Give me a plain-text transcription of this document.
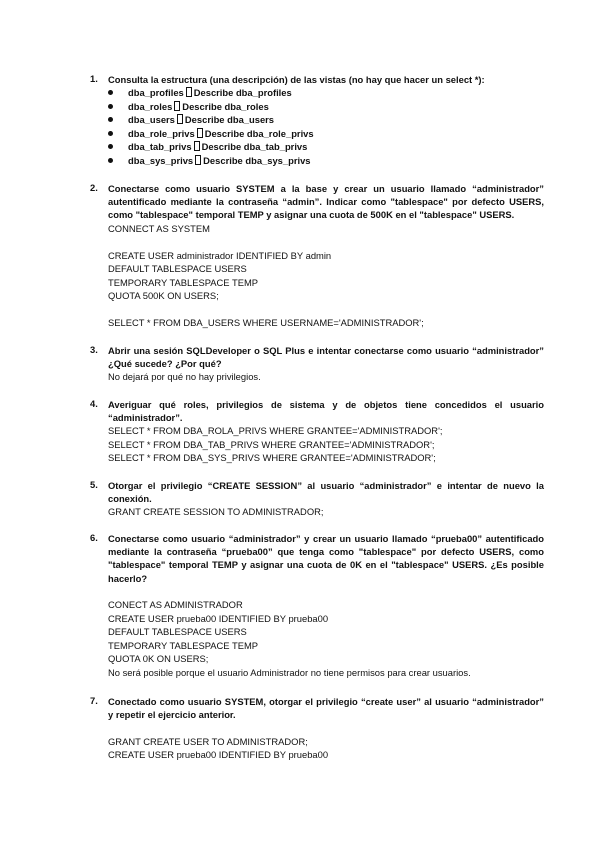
1. Consulta la estructura (una descripción) de las vistas (no hay que hacer un select *):
dba_profiles Describe dba_profiles
dba_roles Describe dba_roles
dba_users Describe dba_users
dba_role_privs Describe dba_role_privs
dba_tab_privs Describe dba_tab_privs
dba_sys_privs Describe dba_sys_privs
2. Conectarse como usuario SYSTEM a la base y crear un usuario llamado “administrador” autentificado mediante la contraseña “admin”. Indicar como "tablespace" por defecto USERS, como "tablespace" temporal TEMP y asignar una cuota de 500K en el "tablespace" USERS.
CONNECT AS SYSTEM
CREATE USER administrador IDENTIFIED BY admin
DEFAULT TABLESPACE USERS
TEMPORARY TABLESPACE TEMP
QUOTA 500K ON USERS;
SELECT * FROM DBA_USERS WHERE USERNAME='ADMINISTRADOR';
3. Abrir una sesión SQLDeveloper o SQL Plus e intentar conectarse como usuario “administrador” ¿Qué sucede? ¿Por qué?
No dejará por qué no hay privilegios.
4. Averiguar qué roles, privilegios de sistema y de objetos tiene concedidos el usuario “administrador”.
SELECT * FROM DBA_ROLA_PRIVS WHERE GRANTEE='ADMINISTRADOR';
SELECT * FROM DBA_TAB_PRIVS WHERE GRANTEE='ADMINISTRADOR';
SELECT * FROM DBA_SYS_PRIVS WHERE GRANTEE='ADMINISTRADOR';
5. Otorgar el privilegio “CREATE SESSION” al usuario “administrador” e intentar de nuevo la conexión.
GRANT CREATE SESSION TO ADMINISTRADOR;
6. Conectarse como usuario “administrador” y crear un usuario llamado “prueba00” autentificado mediante la contraseña “prueba00” que tenga como "tablespace" por defecto USERS, como "tablespace" temporal TEMP y asignar una cuota de 0K en el "tablespace" USERS. ¿Es posible hacerlo?
CONECT AS ADMINISTRADOR
CREATE USER prueba00 IDENTIFIED BY prueba00
DEFAULT TABLESPACE USERS
TEMPORARY TABLESPACE TEMP
QUOTA 0K ON USERS;
No será posible porque el usuario Administrador no tiene permisos para crear usuarios.
7. Conectado como usuario SYSTEM, otorgar el privilegio “create user” al usuario “administrador” y repetir el ejercicio anterior.
GRANT CREATE USER TO ADMINISTRADOR;
CREATE USER prueba00 IDENTIFIED BY prueba00
